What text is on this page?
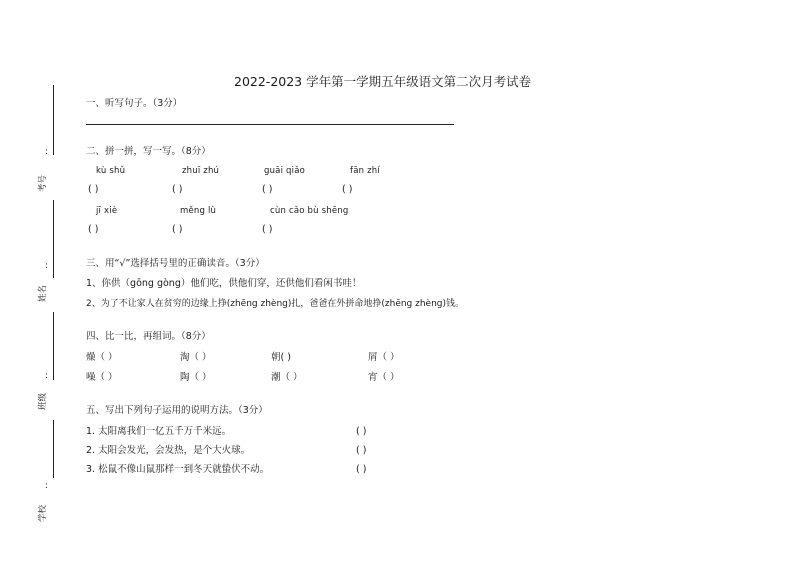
考号
姓名
班级
学校
2022-2023 学年第一学期五年级语文第二次月考试卷
一、听写句子。（3分）
二、拼一拼，写一写。（8分）
kù shǔ	zhuī zhú	guāi qiǎo	fān zhí
( )	( )	( )	( )
jī xiè	měng lù	cùn cǎo bù shēng
( )	( )	( )
三、用“√”选择括号里的正确读音。（3分）
1、你供（gōng gòng）他们吃，供他们穿，还供他们看闲书哇！
2、为了不让家人在贫穷的边缘上挣(zhēng zhèng)扎，爸爸在外拼命地挣(zhēng zhèng)钱。
四、比一比，再组词。（8分）
燥（ ）	淘（ ）	朝( )	屑（ ）
噪（ ）	陶（ ）	潮（ ）	宵（ ）
五、写出下列句子运用的说明方法。（3分）
1. 太阳离我们一亿五千万千米远。	( )
2. 太阳会发光，会发热，是个大火球。	( )
3. 松鼠不像山鼠那样一到冬天就蛰伏不动。	( )
:
:
:
:
